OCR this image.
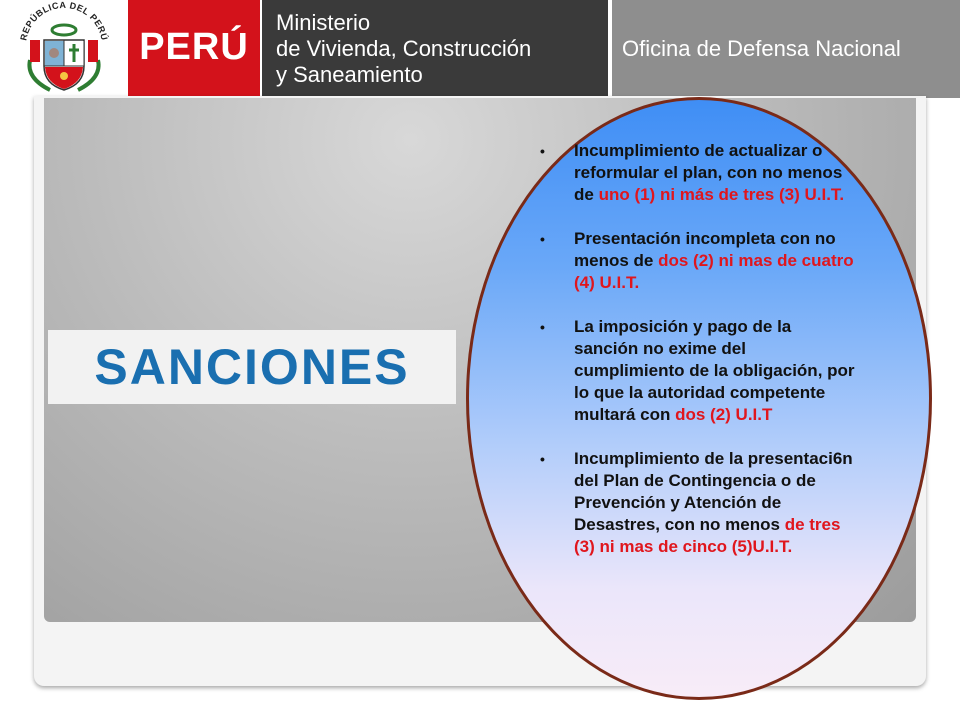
REPÚBLICA DEL PERÚ PERÚ
Ministerio
de Vivienda, Construcción
y Saneamiento
Oficina de Defensa Nacional
SANCIONES
• Incumplimiento de actualizar o reformular el plan, con no menos de uno (1) ni más de tres (3) U.I.T.
• Presentación incompleta con no menos de dos (2) ni mas de cuatro (4) U.I.T.
• La imposición y pago de la sanción no exime del cumplimiento de la obligación, por lo que la autoridad competente multará con dos (2) U.I.T
• Incumplimiento de la presentaci6n del Plan de Contingencia o de Prevención y Atención de Desastres, con no menos de tres (3) ni mas de cinco (5)U.I.T.
